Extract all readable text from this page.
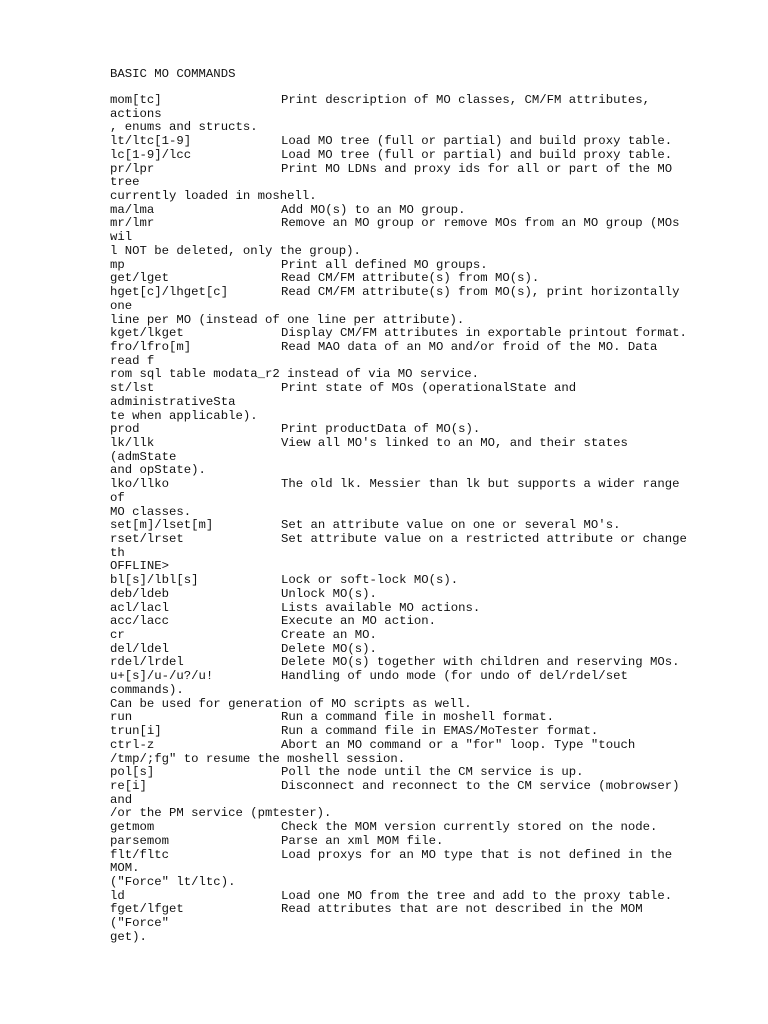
BASIC MO COMMANDS
mom[tc]	Print description of MO classes, CM/FM attributes,
actions
, enums and structs.
lt/ltc[1-9]	Load MO tree (full or partial) and build proxy table.
lc[1-9]/lcc	Load MO tree (full or partial) and build proxy table.
pr/lpr	Print MO LDNs and proxy ids for all or part of the MO
tree
currently loaded in moshell.
ma/lma	Add MO(s) to an MO group.
mr/lmr	Remove an MO group or remove MOs from an MO group (MOs
wil
l NOT be deleted, only the group).
mp	Print all defined MO groups.
get/lget	Read CM/FM attribute(s) from MO(s).
hget[c]/lhget[c]	Read CM/FM attribute(s) from MO(s), print horizontally
one
line per MO (instead of one line per attribute).
kget/lkget	Display CM/FM attributes in exportable printout format.
fro/lfro[m]	Read MAO data of an MO and/or froid of the MO. Data
read f
rom sql table modata_r2 instead of via MO service.
st/lst	Print state of MOs (operationalState and
administrativeSta
te when applicable).
prod	Print productData of MO(s).
lk/llk	View all MO's linked to an MO, and their states
(admState
and opState).
lko/llko	The old lk. Messier than lk but supports a wider range
of
MO classes.
set[m]/lset[m]	Set an attribute value on one or several MO's.
rset/lrset	Set attribute value on a restricted attribute or change
th
OFFLINE>
bl[s]/lbl[s]	Lock or soft-lock MO(s).
deb/ldeb	Unlock MO(s).
acl/lacl	Lists available MO actions.
acc/lacc	Execute an MO action.
cr	Create an MO.
del/ldel	Delete MO(s).
rdel/lrdel	Delete MO(s) together with children and reserving MOs.
u+[s]/u-/u?/u!	Handling of undo mode (for undo of del/rdel/set
commands).
Can be used for generation of MO scripts as well.
run	Run a command file in moshell format.
trun[i]	Run a command file in EMAS/MoTester format.
ctrl-z	Abort an MO command or a "for" loop. Type "touch
/tmp/;fg" to resume the moshell session.
pol[s]	Poll the node until the CM service is up.
re[i]	Disconnect and reconnect to the CM service (mobrowser)
and
/or the PM service (pmtester).
getmom	Check the MOM version currently stored on the node.
parsemom	Parse an xml MOM file.
flt/fltc	Load proxys for an MO type that is not defined in the
MOM.
("Force" lt/ltc).
ld	Load one MO from the tree and add to the proxy table.
fget/lfget	Read attributes that are not described in the MOM
("Force"
get).
